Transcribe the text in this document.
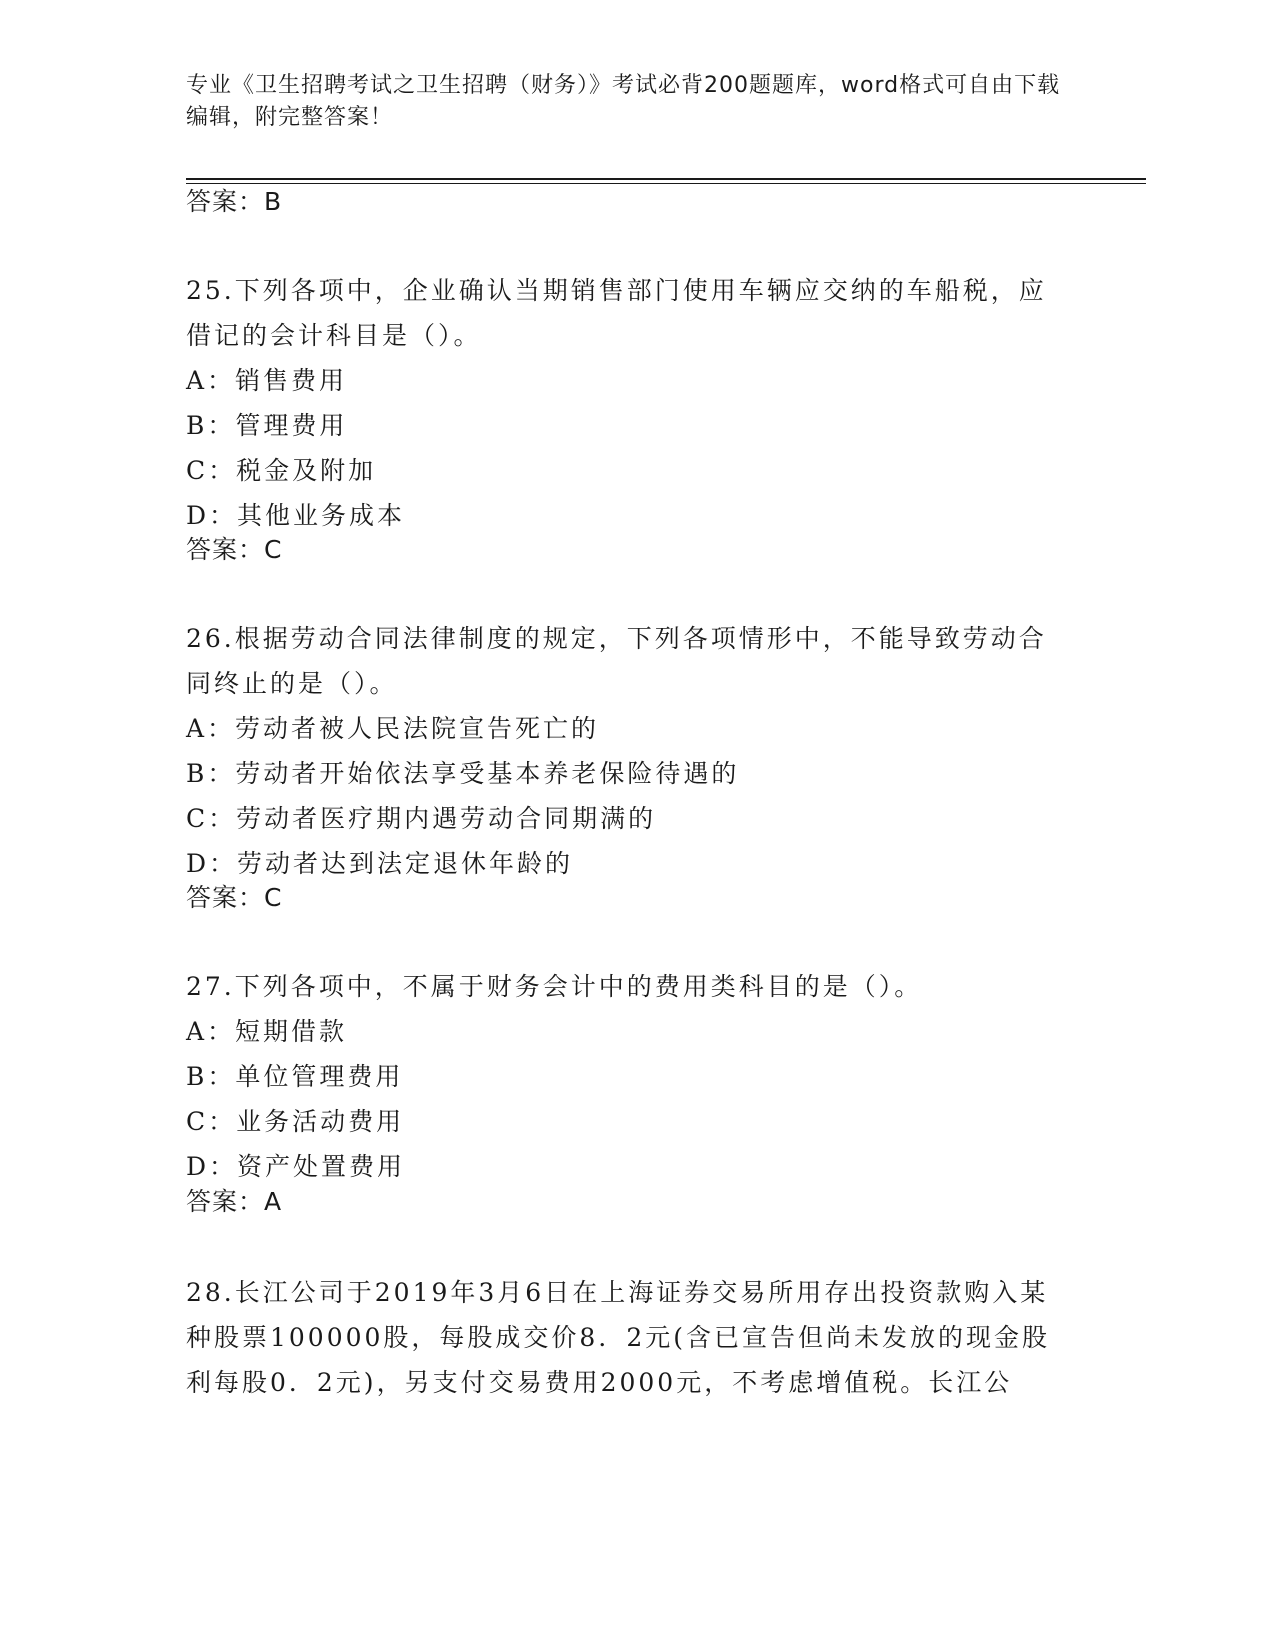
专业《卫生招聘考试之卫生招聘（财务）》考试必背200题题库，word格式可自由下载编辑，附完整答案！
答案：B

25.下列各项中，企业确认当期销售部门使用车辆应交纳的车船税，应借记的会计科目是（）。

A：销售费用

B：管理费用

C：税金及附加

D：其他业务成本

答案：C

26.根据劳动合同法律制度的规定，下列各项情形中，不能导致劳动合同终止的是（）。

A：劳动者被人民法院宣告死亡的

B：劳动者开始依法享受基本养老保险待遇的

C：劳动者医疗期内遇劳动合同期满的

D：劳动者达到法定退休年龄的

答案：C

27.下列各项中，不属于财务会计中的费用类科目的是（）。

A：短期借款

B：单位管理费用

C：业务活动费用

D：资产处置费用

答案：A

28.长江公司于2019年3月6日在上海证券交易所用存出投资款购入某种股票100000股，每股成交价8．2元(含已宣告但尚未发放的现金股利每股0．2元)，另支付交易费用2000元，不考虑增值税。长江公
